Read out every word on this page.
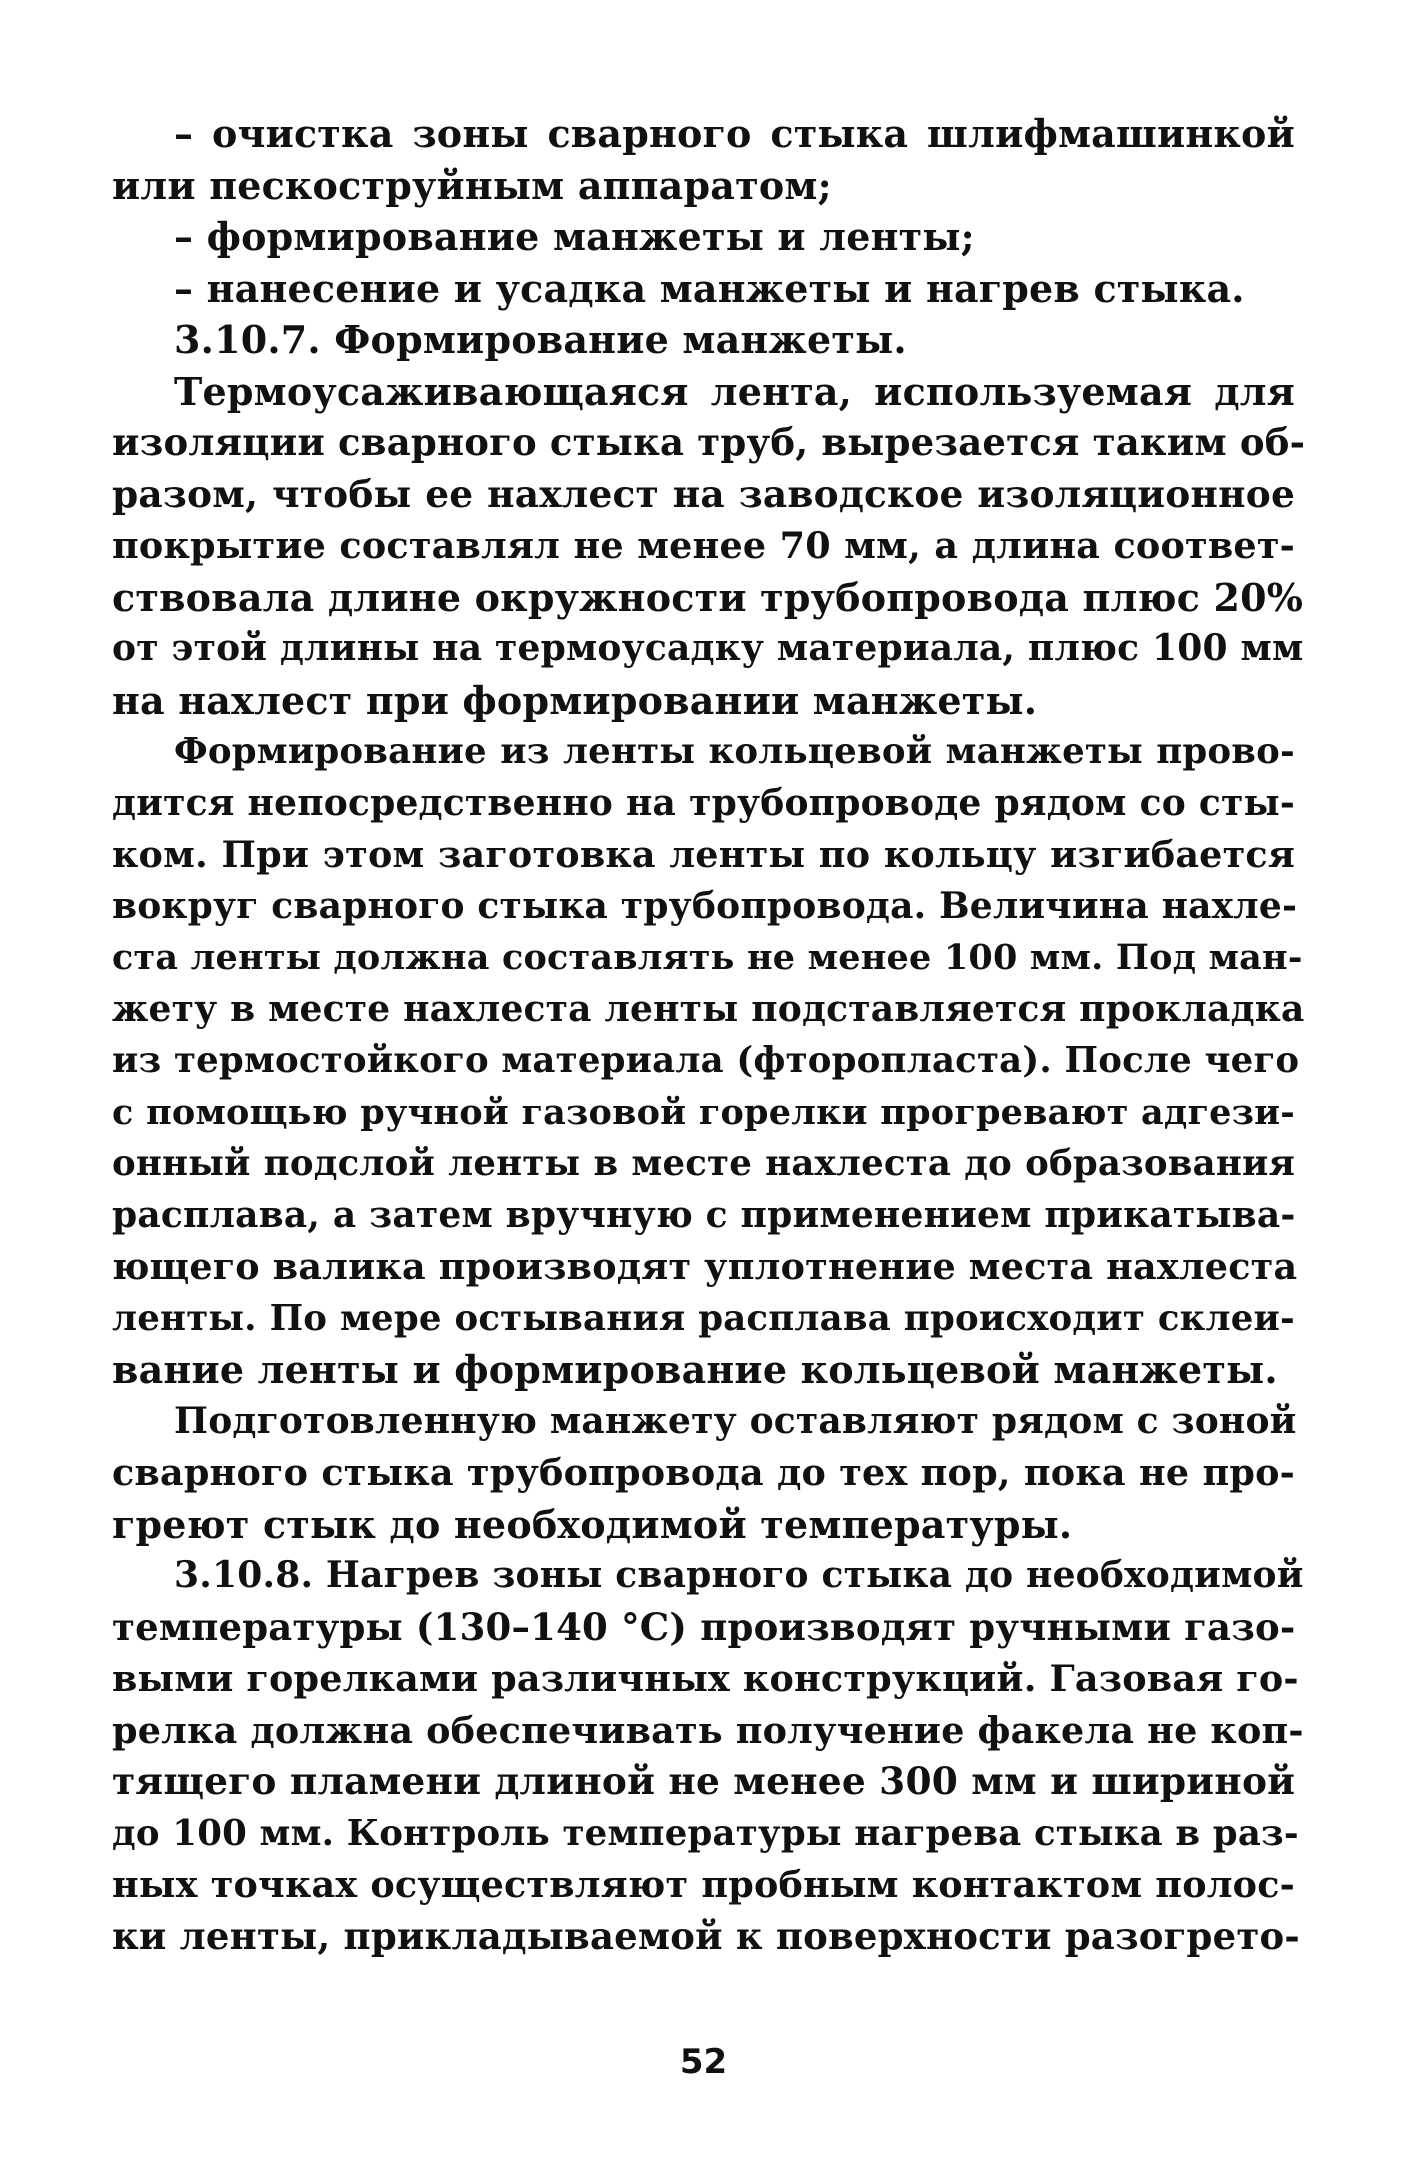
– очистка зоны сварного стыка шлифмашинкой
или пескоструйным аппаратом;
– формирование манжеты и ленты;
– нанесение и усадка манжеты и нагрев стыка.
3.10.7. Формирование манжеты.
Термоусаживающаяся лента, используемая для
изоляции сварного стыка труб, вырезается таким об-
разом, чтобы ее нахлест на заводское изоляционное
покрытие составлял не менее 70 мм, а длина соответ-
ствовала длине окружности трубопровода плюс 20%
от этой длины на термоусадку материала, плюс 100 мм
на нахлест при формировании манжеты.
Формирование из ленты кольцевой манжеты прово-
дится непосредственно на трубопроводе рядом со сты-
ком. При этом заготовка ленты по кольцу изгибается
вокруг сварного стыка трубопровода. Величина нахле-
ста ленты должна составлять не менее 100 мм. Под ман-
жету в месте нахлеста ленты подставляется прокладка
из термостойкого материала (фторопласта). После чего
с помощью ручной газовой горелки прогревают адгези-
онный подслой ленты в месте нахлеста до образования
расплава, а затем вручную с применением прикатыва-
ющего валика производят уплотнение места нахлеста
ленты. По мере остывания расплава происходит склеи-
вание ленты и формирование кольцевой манжеты.
Подготовленную манжету оставляют рядом с зоной
сварного стыка трубопровода до тех пор, пока не про-
греют стык до необходимой температуры.
3.10.8. Нагрев зоны сварного стыка до необходимой
температуры (130–140 °С) производят ручными газо-
выми горелками различных конструкций. Газовая го-
релка должна обеспечивать получение факела не коп-
тящего пламени длиной не менее 300 мм и шириной
до 100 мм. Контроль температуры нагрева стыка в раз-
ных точках осуществляют пробным контактом полос-
ки ленты, прикладываемой к поверхности разогрето-
52
